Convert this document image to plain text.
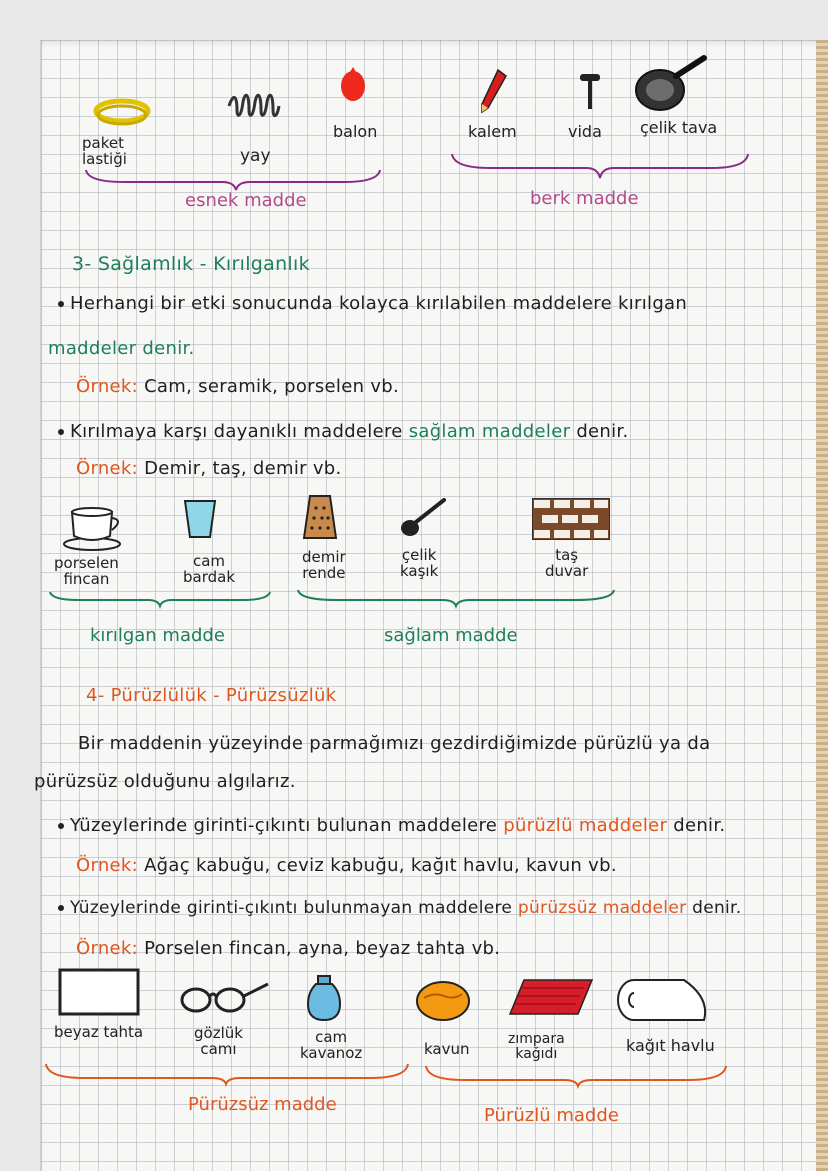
paket
lastiği	yay
balon	kalem	vida çelik tava
esnek madde	berk madde
3- Sağlamlık - Kırılganlık
Herhangi bir etki sonucunda kolayca kırılabilen maddelere kırılgan
maddeler denir.
Örnek: Cam, seramik, porselen vb.
Kırılmaya karşı dayanıklı maddelere sağlam maddeler denir.
Örnek: Demir, taş, demir vb.
porselen
fincan
cam
bardak
demir
rende
çelik
kaşık
taş
duvar
kırılgan madde	sağlam madde
4- Pürüzlülük - Pürüzsüzlük
Bir maddenin yüzeyinde parmağımızı gezdirdiğimizde pürüzlü ya da
pürüzsüz olduğunu algılarız.
Yüzeylerinde girinti-çıkıntı bulunan maddelere pürüzlü maddeler denir.
Örnek: Ağaç kabuğu, ceviz kabuğu, kağıt havlu, kavun vb.
Yüzeylerinde girinti-çıkıntı bulunmayan maddelere pürüzsüz maddeler denir.
Örnek: Porselen fincan, ayna, beyaz tahta vb.
beyaz tahta	gözlük
camı
cam
kavanoz	kavun
zımpara
kağıdı	kağıt havlu
Pürüzsüz madde
Pürüzlü madde
